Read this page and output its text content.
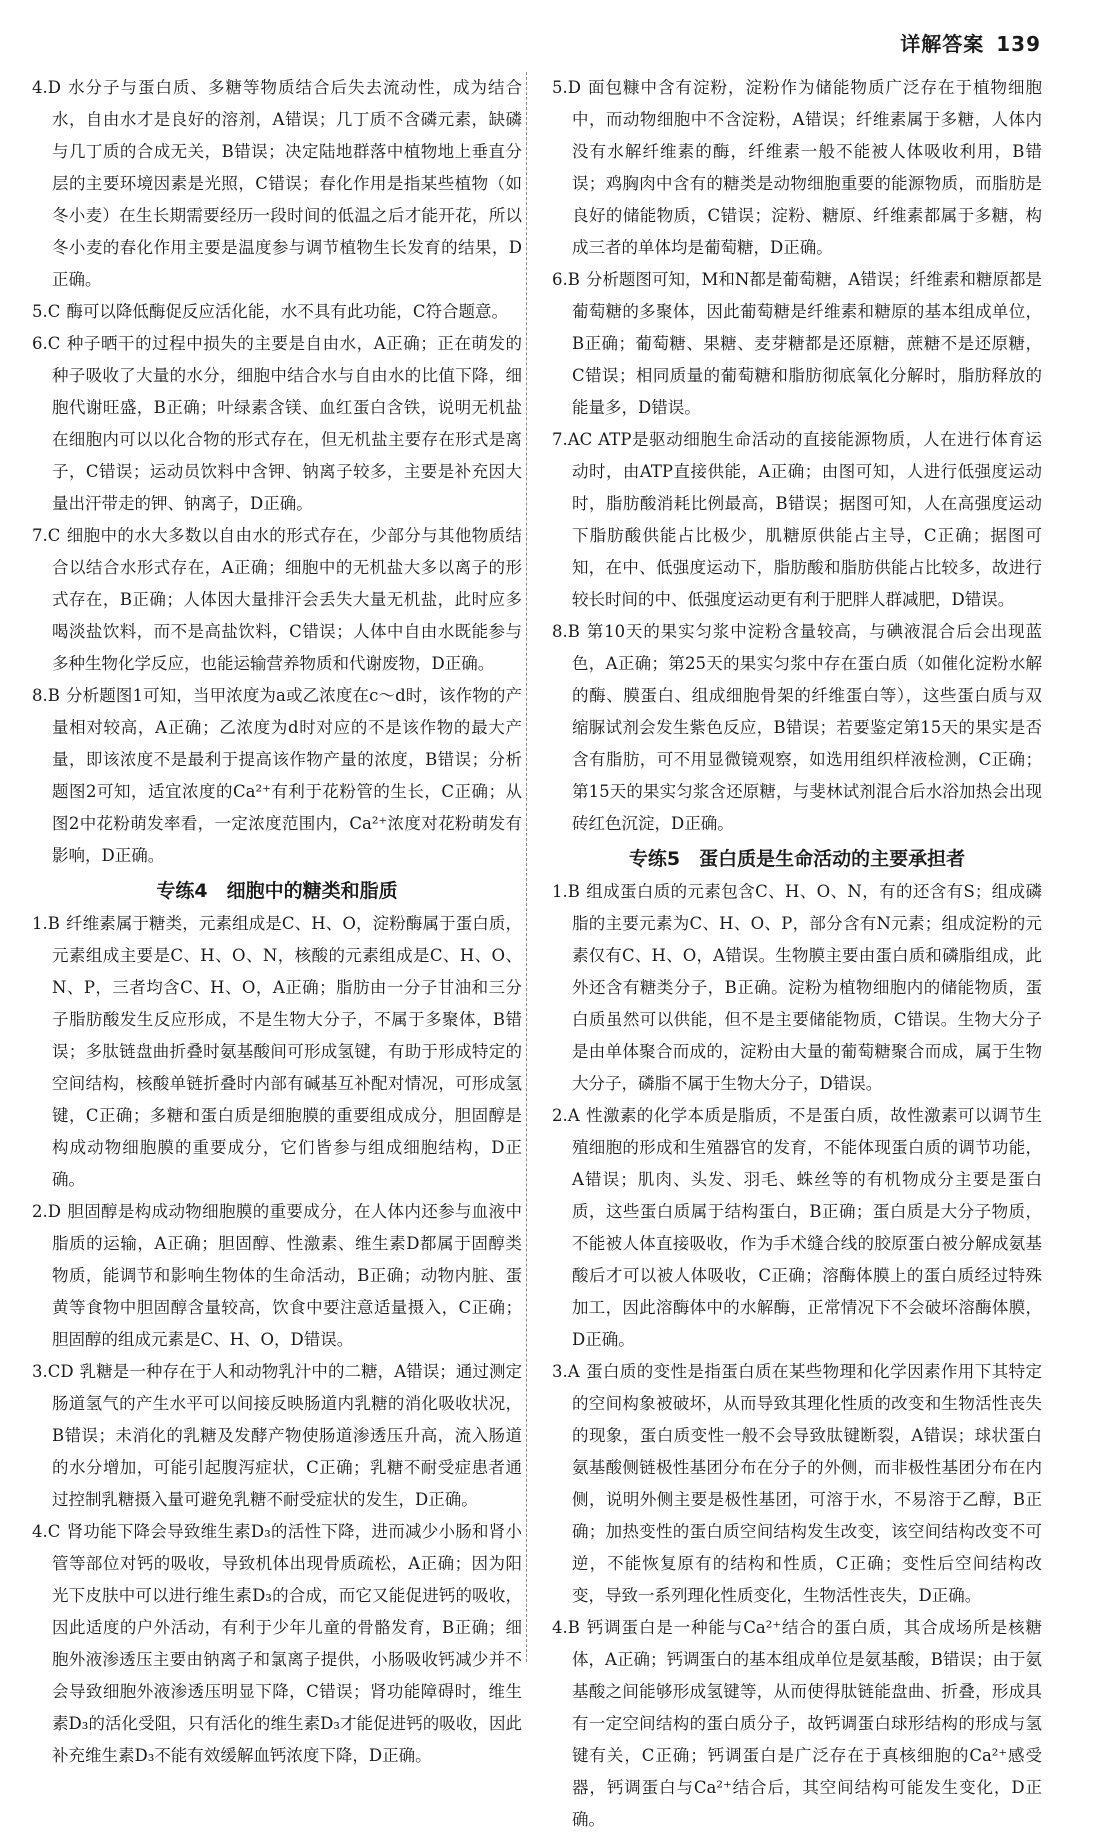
详解答案 139

4.D 水分子与蛋白质、多糖等物质结合后失去流动性，成为结合水，自由水才是良好的溶剂，A错误；几丁质不含磷元素，缺磷与几丁质的合成无关，B错误；决定陆地群落中植物地上垂直分层的主要环境因素是光照，C错误；春化作用是指某些植物（如冬小麦）在生长期需要经历一段时间的低温之后才能开花，所以冬小麦的春化作用主要是温度参与调节植物生长发育的结果，D正确。

5.C 酶可以降低酶促反应活化能，水不具有此功能，C符合题意。

6.C 种子晒干的过程中损失的主要是自由水，A正确；正在萌发的种子吸收了大量的水分，细胞中结合水与自由水的比值下降，细胞代谢旺盛，B正确；叶绿素含镁、血红蛋白含铁，说明无机盐在细胞内可以以化合物的形式存在，但无机盐主要存在形式是离子，C错误；运动员饮料中含钾、钠离子较多，主要是补充因大量出汗带走的钾、钠离子，D正确。

7.C 细胞中的水大多数以自由水的形式存在，少部分与其他物质结合以结合水形式存在，A正确；细胞中的无机盐大多以离子的形式存在，B正确；人体因大量排汗会丢失大量无机盐，此时应多喝淡盐饮料，而不是高盐饮料，C错误；人体中自由水既能参与多种生物化学反应，也能运输营养物质和代谢废物，D正确。

8.B 分析题图1可知，当甲浓度为a或乙浓度在c～d时，该作物的产量相对较高，A正确；乙浓度为d时对应的不是该作物的最大产量，即该浓度不是最利于提高该作物产量的浓度，B错误；分析题图2可知，适宜浓度的Ca²⁺有利于花粉管的生长，C正确；从图2中花粉萌发率看，一定浓度范围内，Ca²⁺浓度对花粉萌发有影响，D正确。

专练4　细胞中的糖类和脂质

1.B 纤维素属于糖类，元素组成是C、H、O，淀粉酶属于蛋白质，元素组成主要是C、H、O、N，核酸的元素组成是C、H、O、N、P，三者均含C、H、O，A正确；脂肪由一分子甘油和三分子脂肪酸发生反应形成，不是生物大分子，不属于多聚体，B错误；多肽链盘曲折叠时氨基酸间可形成氢键，有助于形成特定的空间结构，核酸单链折叠时内部有碱基互补配对情况，可形成氢键，C正确；多糖和蛋白质是细胞膜的重要组成成分，胆固醇是构成动物细胞膜的重要成分，它们皆参与组成细胞结构，D正确。

2.D 胆固醇是构成动物细胞膜的重要成分，在人体内还参与血液中脂质的运输，A正确；胆固醇、性激素、维生素D都属于固醇类物质，能调节和影响生物体的生命活动，B正确；动物内脏、蛋黄等食物中胆固醇含量较高，饮食中要注意适量摄入，C正确；胆固醇的组成元素是C、H、O，D错误。

3.CD 乳糖是一种存在于人和动物乳汁中的二糖，A错误；通过测定肠道氢气的产生水平可以间接反映肠道内乳糖的消化吸收状况，B错误；未消化的乳糖及发酵产物使肠道渗透压升高，流入肠道的水分增加，可能引起腹泻症状，C正确；乳糖不耐受症患者通过控制乳糖摄入量可避免乳糖不耐受症状的发生，D正确。

4.C 肾功能下降会导致维生素D₃的活性下降，进而减少小肠和肾小管等部位对钙的吸收，导致机体出现骨质疏松，A正确；因为阳光下皮肤中可以进行维生素D₃的合成，而它又能促进钙的吸收，因此适度的户外活动，有利于少年儿童的骨骼发育，B正确；细胞外液渗透压主要由钠离子和氯离子提供，小肠吸收钙减少并不会导致细胞外液渗透压明显下降，C错误；肾功能障碍时，维生素D₃的活化受阻，只有活化的维生素D₃才能促进钙的吸收，因此补充维生素D₃不能有效缓解血钙浓度下降，D正确。

5.D 面包糠中含有淀粉，淀粉作为储能物质广泛存在于植物细胞中，而动物细胞中不含淀粉，A错误；纤维素属于多糖，人体内没有水解纤维素的酶，纤维素一般不能被人体吸收利用，B错误；鸡胸肉中含有的糖类是动物细胞重要的能源物质，而脂肪是良好的储能物质，C错误；淀粉、糖原、纤维素都属于多糖，构成三者的单体均是葡萄糖，D正确。

6.B 分析题图可知，M和N都是葡萄糖，A错误；纤维素和糖原都是葡萄糖的多聚体，因此葡萄糖是纤维素和糖原的基本组成单位，B正确；葡萄糖、果糖、麦芽糖都是还原糖，蔗糖不是还原糖，C错误；相同质量的葡萄糖和脂肪彻底氧化分解时，脂肪释放的能量多，D错误。

7.AC ATP是驱动细胞生命活动的直接能源物质，人在进行体育运动时，由ATP直接供能，A正确；由图可知，人进行低强度运动时，脂肪酸消耗比例最高，B错误；据图可知，人在高强度运动下脂肪酸供能占比极少，肌糖原供能占主导，C正确；据图可知，在中、低强度运动下，脂肪酸和脂肪供能占比较多，故进行较长时间的中、低强度运动更有利于肥胖人群减肥，D错误。

8.B 第10天的果实匀浆中淀粉含量较高，与碘液混合后会出现蓝色，A正确；第25天的果实匀浆中存在蛋白质（如催化淀粉水解的酶、膜蛋白、组成细胞骨架的纤维蛋白等），这些蛋白质与双缩脲试剂会发生紫色反应，B错误；若要鉴定第15天的果实是否含有脂肪，可不用显微镜观察，如选用组织样液检测，C正确；第15天的果实匀浆含还原糖，与斐林试剂混合后水浴加热会出现砖红色沉淀，D正确。

专练5　蛋白质是生命活动的主要承担者

1.B 组成蛋白质的元素包含C、H、O、N，有的还含有S；组成磷脂的主要元素为C、H、O、P，部分含有N元素；组成淀粉的元素仅有C、H、O，A错误。生物膜主要由蛋白质和磷脂组成，此外还含有糖类分子，B正确。淀粉为植物细胞内的储能物质，蛋白质虽然可以供能，但不是主要储能物质，C错误。生物大分子是由单体聚合而成的，淀粉由大量的葡萄糖聚合而成，属于生物大分子，磷脂不属于生物大分子，D错误。

2.A 性激素的化学本质是脂质，不是蛋白质，故性激素可以调节生殖细胞的形成和生殖器官的发育，不能体现蛋白质的调节功能，A错误；肌肉、头发、羽毛、蛛丝等的有机物成分主要是蛋白质，这些蛋白质属于结构蛋白，B正确；蛋白质是大分子物质，不能被人体直接吸收，作为手术缝合线的胶原蛋白被分解成氨基酸后才可以被人体吸收，C正确；溶酶体膜上的蛋白质经过特殊加工，因此溶酶体中的水解酶，正常情况下不会破坏溶酶体膜，D正确。

3.A 蛋白质的变性是指蛋白质在某些物理和化学因素作用下其特定的空间构象被破坏，从而导致其理化性质的改变和生物活性丧失的现象，蛋白质变性一般不会导致肽键断裂，A错误；球状蛋白氨基酸侧链极性基团分布在分子的外侧，而非极性基团分布在内侧，说明外侧主要是极性基团，可溶于水，不易溶于乙醇，B正确；加热变性的蛋白质空间结构发生改变，该空间结构改变不可逆，不能恢复原有的结构和性质，C正确；变性后空间结构改变，导致一系列理化性质变化，生物活性丧失，D正确。

4.B 钙调蛋白是一种能与Ca²⁺结合的蛋白质，其合成场所是核糖体，A正确；钙调蛋白的基本组成单位是氨基酸，B错误；由于氨基酸之间能够形成氢键等，从而使得肽链能盘曲、折叠，形成具有一定空间结构的蛋白质分子，故钙调蛋白球形结构的形成与氢键有关，C正确；钙调蛋白是广泛存在于真核细胞的Ca²⁺感受器，钙调蛋白与Ca²⁺结合后，其空间结构可能发生变化，D正确。
